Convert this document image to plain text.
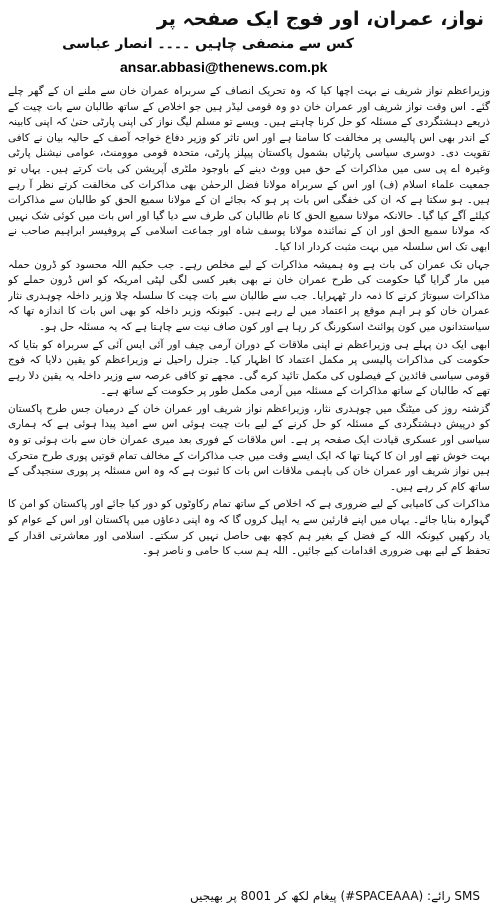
نواز، عمران، اور فوج ایک صفحہ پر
کس سے منصفی چاہیں ۔۔۔۔ انصار عباسی
ansar.abbasi@thenews.com.pk

وزیراعظم نواز شریف نے بہت اچھا کیا کہ وہ تحریک انصاف کے سربراہ عمران خان سے ملنے ان کے گھر چلے گئے۔ اس وقت نواز شریف اور عمران خان دو وہ قومی لیڈر ہیں جو اخلاص کے ساتھ طالبان سے بات چیت کے ذریعے دہشتگردی کے مسئلہ کو حل کرنا چاہتے ہیں۔ ویسے تو مسلم لیگ نواز کی اپنی پارٹی حتیٰ کہ اپنی کابینہ کے اندر بھی اس پالیسی پر مخالفت کا سامنا ہے اور اس تاثر کو وزیر دفاع خواجہ آصف کے حالیہ بیان نے کافی تقویت دی۔ دوسری سیاسی پارٹیاں بشمول پاکستان پیپلز پارٹی، متحدہ قومی موومنٹ، عوامی نیشنل پارٹی وغیرہ اے پی سی میں مذاکرات کے حق میں ووٹ دینے کے باوجود ملٹری آپریشن کی بات کرتے ہیں۔ یہاں تو جمعیت علماء اسلام (ف) اور اس کے سربراہ مولانا فضل الرحمٰن بھی مذاکرات کی مخالفت کرتے نظر آ رہے ہیں۔ ہو سکتا ہے کہ ان کی خفگی اس بات پر ہو کہ بجائے ان کے مولانا سمیع الحق کو طالبان سے مذاکرات کیلئے آگے کیا گیا۔ حالانکہ مولانا سمیع الحق کا نام طالبان کی طرف سے دیا گیا اور اس بات میں کوئی شک نہیں کہ مولانا سمیع الحق اور ان کے نمائندہ مولانا یوسف شاہ اور جماعت اسلامی کے پروفیسر ابراہیم صاحب نے ابھی تک اس سلسلہ میں بہت مثبت کردار ادا کیا۔

جہاں تک عمران کی بات ہے وہ ہمیشہ مذاکرات کے لیے مخلص رہے۔ جب حکیم اللہ محسود کو ڈرون حملہ میں مار گرایا گیا حکومت کی طرح عمران خان نے بھی بغیر کسی لگی لپٹی امریکہ کو اس ڈرون حملے کو مذاکرات سبوتاژ کرنے کا ذمہ دار ٹھہرایا۔ جب سے طالبان سے بات چیت کا سلسلہ چلا وزیر داخلہ چوہدری نثار عمران خان کو ہر اہم موقع پر اعتماد میں لے رہے ہیں۔ کیونکہ وزیر داخلہ کو بھی اس بات کا اندازہ تھا کہ سیاستدانوں میں کون پوائنٹ اسکورنگ کر رہا ہے اور کون صاف نیت سے چاہتا ہے کہ یہ مسئلہ حل ہو۔

ابھی ایک دن پہلے ہی وزیراعظم نے اپنی ملاقات کے دوران آرمی چیف اور آئی ایس آئی کے سربراہ کو بتایا کہ حکومت کی مذاکرات پالیسی پر مکمل اعتماد کا اظہار کیا۔ جنرل راحیل نے وزیراعظم کو یقین دلایا کہ فوج قومی سیاسی قائدین کے فیصلوں کی مکمل تائید کرے گی۔ مجھے تو کافی عرصہ سے وزیر داخلہ یہ یقین دلا رہے تھے کہ طالبان کے ساتھ مذاکرات کے مسئلہ میں آرمی مکمل طور پر حکومت کے ساتھ ہے۔

گزشتہ روز کی میٹنگ میں چوہدری نثار، وزیراعظم نواز شریف اور عمران خان کے درمیان جس طرح پاکستان کو درپیش دہشتگردی کے مسئلہ کو حل کرنے کے لیے بات چیت ہوئی اس سے امید پیدا ہوئی ہے کہ ہماری سیاسی اور عسکری قیادت ایک صفحہ پر ہے۔ اس ملاقات کے فوری بعد میری عمران خان سے بات ہوئی تو وہ بہت خوش تھے اور ان کا کہنا تھا کہ ایک ایسے وقت میں جب مذاکرات کے مخالف تمام قوتیں پوری طرح متحرک ہیں نواز شریف اور عمران خان کی باہمی ملاقات اس بات کا ثبوت ہے کہ وہ اس مسئلہ پر پوری سنجیدگی کے ساتھ کام کر رہے ہیں۔

مذاکرات کی کامیابی کے لیے ضروری ہے کہ اخلاص کے ساتھ تمام رکاوٹوں کو دور کیا جائے اور پاکستان کو امن کا گہوارہ بنایا جائے۔ یہاں میں اپنے قارئین سے یہ اپیل کروں گا کہ وہ اپنی دعاؤں میں پاکستان اور اس کے عوام کو یاد رکھیں کیونکہ اللہ کے فضل کے بغیر ہم کچھ بھی حاصل نہیں کر سکتے۔ اسلامی اور معاشرتی اقدار کے تحفظ کے لیے بھی ضروری اقدامات کیے جائیں۔ اللہ ہم سب کا حامی و ناصر ہو۔

SMS رائے: (SPACEAAA#) پیغام لکھ کر 8001 پر بھیجیں
